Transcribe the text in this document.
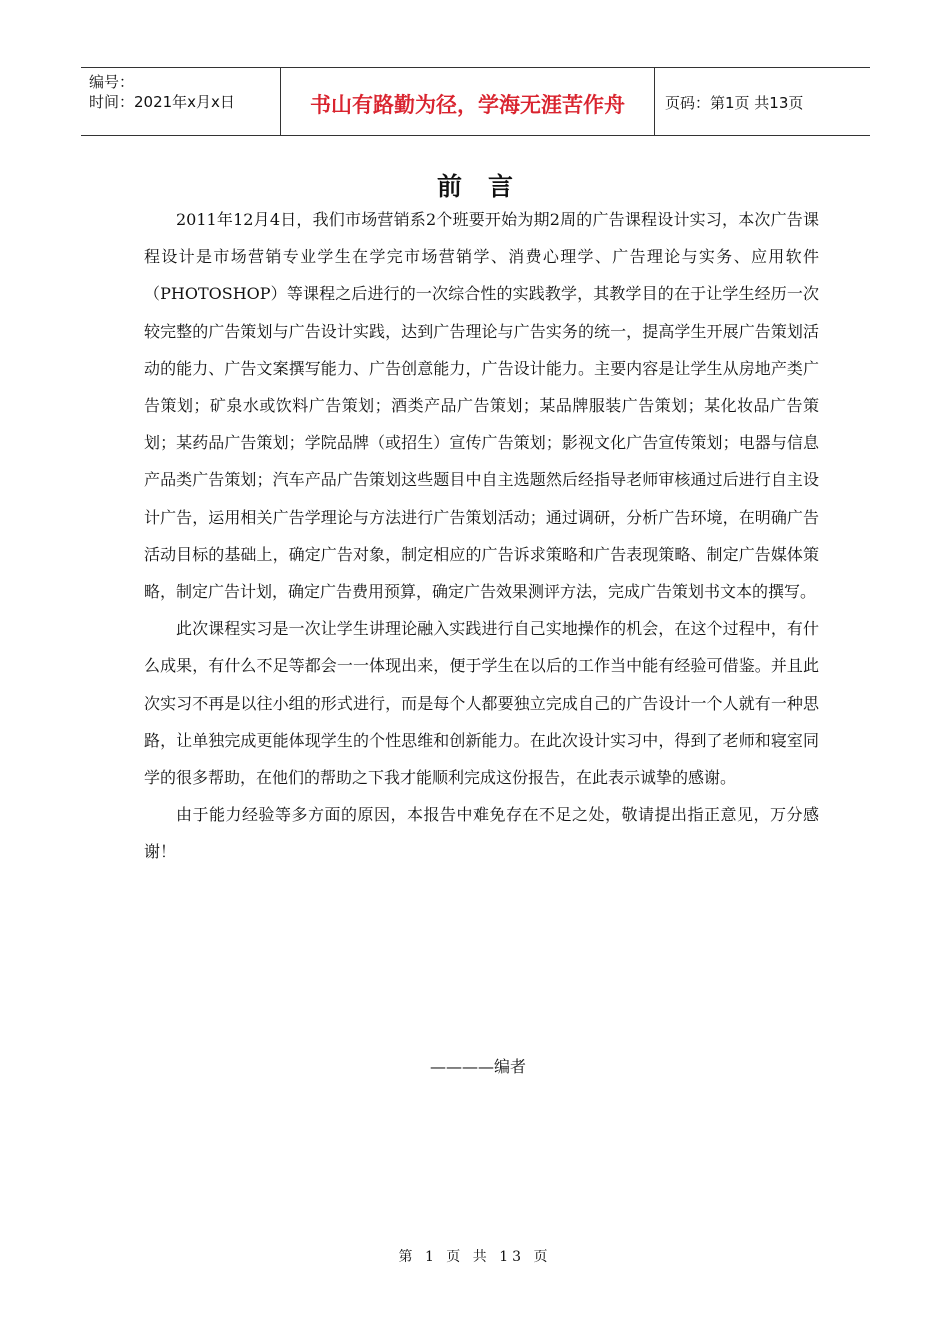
编号：
时间：2021年x月x日	书山有路勤为径，学海无涯苦作舟	页码：第1页 共13页
前言

2011年12月4日，我们市场营销系2个班要开始为期2周的广告课程设计实习，本次广告课程设计是市场营销专业学生在学完市场营销学、消费心理学、广告理论与实务、应用软件（PHOTOSHOP）等课程之后进行的一次综合性的实践教学，其教学目的在于让学生经历一次较完整的广告策划与广告设计实践，达到广告理论与广告实务的统一，提高学生开展广告策划活动的能力、广告文案撰写能力、广告创意能力，广告设计能力。主要内容是让学生从房地产类广告策划；矿泉水或饮料广告策划；酒类产品广告策划；某品牌服装广告策划；某化妆品广告策划；某药品广告策划；学院品牌（或招生）宣传广告策划；影视文化广告宣传策划；电器与信息产品类广告策划；汽车产品广告策划这些题目中自主选题然后经指导老师审核通过后进行自主设计广告，运用相关广告学理论与方法进行广告策划活动；通过调研，分析广告环境，在明确广告活动目标的基础上，确定广告对象，制定相应的广告诉求策略和广告表现策略、制定广告媒体策略，制定广告计划，确定广告费用预算，确定广告效果测评方法，完成广告策划书文本的撰写。

此次课程实习是一次让学生讲理论融入实践进行自己实地操作的机会，在这个过程中，有什么成果，有什么不足等都会一一体现出来，便于学生在以后的工作当中能有经验可借鉴。并且此次实习不再是以往小组的形式进行，而是每个人都要独立完成自己的广告设计一个人就有一种思路，让单独完成更能体现学生的个性思维和创新能力。在此次设计实习中，得到了老师和寝室同学的很多帮助，在他们的帮助之下我才能顺利完成这份报告，在此表示诚挚的感谢。

由于能力经验等多方面的原因，本报告中难免存在不足之处，敬请提出指正意见，万分感谢！

————编者
第 1 页 共 13 页
